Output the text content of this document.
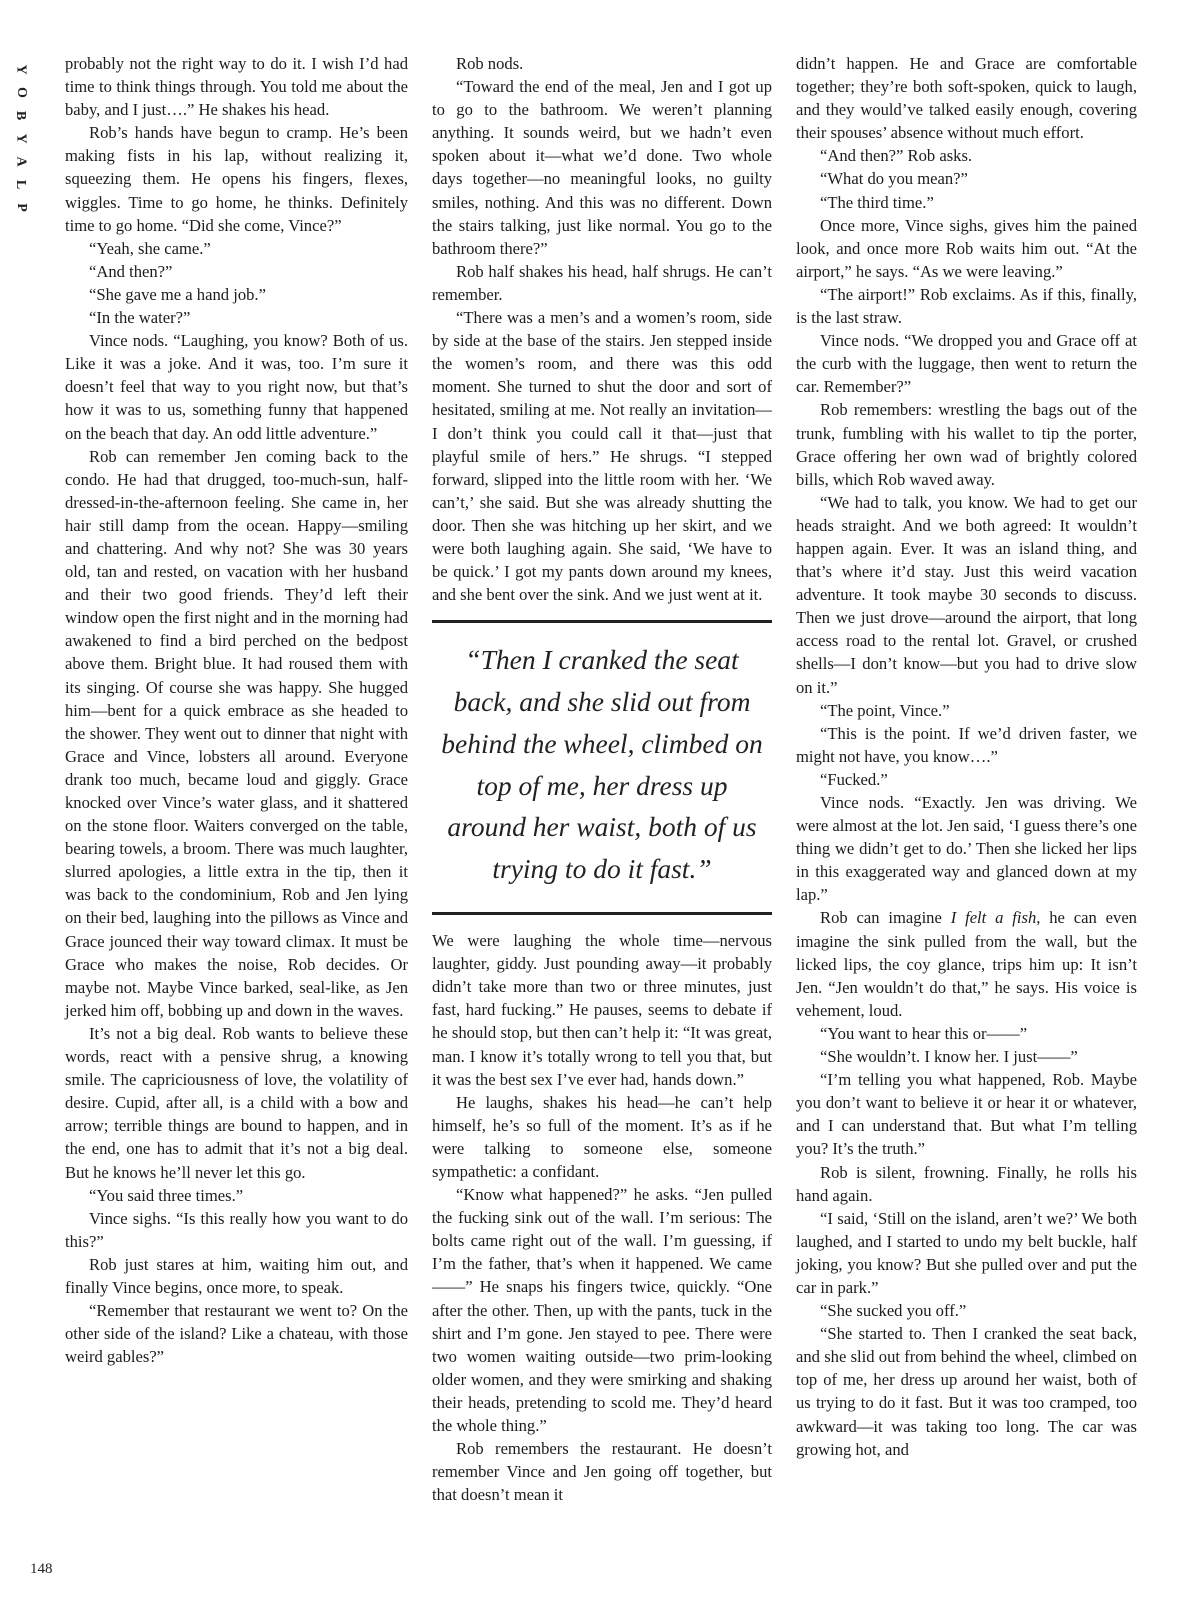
Y
O
B
Y
A
L
P

probably not the right way to do it. I wish I’d had time to think things through. You told me about the baby, and I just….” He shakes his head.

Rob’s hands have begun to cramp. He’s been making fists in his lap, without realizing it, squeezing them. He opens his fingers, flexes, wiggles. Time to go home, he thinks. Definitely time to go home. “Did she come, Vince?”

“Yeah, she came.”

“And then?”

“She gave me a hand job.”

“In the water?”

Vince nods. “Laughing, you know? Both of us. Like it was a joke. And it was, too. I’m sure it doesn’t feel that way to you right now, but that’s how it was to us, something funny that happened on the beach that day. An odd little adventure.”

Rob can remember Jen coming back to the condo. He had that drugged, too-much-sun, half-dressed-in-the-afternoon feeling. She came in, her hair still damp from the ocean. Happy—smiling and chattering. And why not? She was 30 years old, tan and rested, on vacation with her husband and their two good friends. They’d left their window open the first night and in the morning had awakened to find a bird perched on the bedpost above them. Bright blue. It had roused them with its singing. Of course she was happy. She hugged him—bent for a quick embrace as she headed to the shower. They went out to dinner that night with Grace and Vince, lobsters all around. Everyone drank too much, became loud and giggly. Grace knocked over Vince’s water glass, and it shattered on the stone floor. Waiters converged on the table, bearing towels, a broom. There was much laughter, slurred apologies, a little extra in the tip, then it was back to the condominium, Rob and Jen lying on their bed, laughing into the pillows as Vince and Grace jounced their way toward climax. It must be Grace who makes the noise, Rob decides. Or maybe not. Maybe Vince barked, seal-like, as Jen jerked him off, bobbing up and down in the waves.

It’s not a big deal. Rob wants to believe these words, react with a pensive shrug, a knowing smile. The capriciousness of love, the volatility of desire. Cupid, after all, is a child with a bow and arrow; terrible things are bound to happen, and in the end, one has to admit that it’s not a big deal. But he knows he’ll never let this go.

“You said three times.”

Vince sighs. “Is this really how you want to do this?”

Rob just stares at him, waiting him out, and finally Vince begins, once more, to speak.

“Remember that restaurant we went to? On the other side of the island? Like a chateau, with those weird gables?”

Rob nods.

“Toward the end of the meal, Jen and I got up to go to the bathroom. We weren’t planning anything. It sounds weird, but we hadn’t even spoken about it—what we’d done. Two whole days together—no meaningful looks, no guilty smiles, nothing. And this was no different. Down the stairs talking, just like normal. You go to the bathroom there?”

Rob half shakes his head, half shrugs. He can’t remember.

“There was a men’s and a women’s room, side by side at the base of the stairs. Jen stepped inside the women’s room, and there was this odd moment. She turned to shut the door and sort of hesitated, smiling at me. Not really an invitation—I don’t think you could call it that—just that playful smile of hers.” He shrugs. “I stepped forward, slipped into the little room with her. ‘We can’t,’ she said. But she was already shutting the door. Then she was hitching up her skirt, and we were both laughing again. She said, ‘We have to be quick.’ I got my pants down around my knees, and she bent over the sink. And we just went at it.

“Then I cranked the seat back, and she slid out from behind the wheel, climbed on top of me, her dress up around her waist, both of us trying to do it fast.”

We were laughing the whole time—nervous laughter, giddy. Just pounding away—it probably didn’t take more than two or three minutes, just fast, hard fucking.” He pauses, seems to debate if he should stop, but then can’t help it: “It was great, man. I know it’s totally wrong to tell you that, but it was the best sex I’ve ever had, hands down.”

He laughs, shakes his head—he can’t help himself, he’s so full of the moment. It’s as if he were talking to someone else, someone sympathetic: a confidant.

“Know what happened?” he asks. “Jen pulled the fucking sink out of the wall. I’m serious: The bolts came right out of the wall. I’m guessing, if I’m the father, that’s when it happened. We came——” He snaps his fingers twice, quickly. “One after the other. Then, up with the pants, tuck in the shirt and I’m gone. Jen stayed to pee. There were two women waiting outside—two prim-looking older women, and they were smirking and shaking their heads, pretending to scold me. They’d heard the whole thing.”

Rob remembers the restaurant. He doesn’t remember Vince and Jen going off together, but that doesn’t mean it

didn’t happen. He and Grace are comfortable together; they’re both soft-spoken, quick to laugh, and they would’ve talked easily enough, covering their spouses’ absence without much effort.

“And then?” Rob asks.

“What do you mean?”

“The third time.”

Once more, Vince sighs, gives him the pained look, and once more Rob waits him out. “At the airport,” he says. “As we were leaving.”

“The airport!” Rob exclaims. As if this, finally, is the last straw.

Vince nods. “We dropped you and Grace off at the curb with the luggage, then went to return the car. Remember?”

Rob remembers: wrestling the bags out of the trunk, fumbling with his wallet to tip the porter, Grace offering her own wad of brightly colored bills, which Rob waved away.

“We had to talk, you know. We had to get our heads straight. And we both agreed: It wouldn’t happen again. Ever. It was an island thing, and that’s where it’d stay. Just this weird vacation adventure. It took maybe 30 seconds to discuss. Then we just drove—around the airport, that long access road to the rental lot. Gravel, or crushed shells—I don’t know—but you had to drive slow on it.”

“The point, Vince.”

“This is the point. If we’d driven faster, we might not have, you know….”

“Fucked.”

Vince nods. “Exactly. Jen was driving. We were almost at the lot. Jen said, ‘I guess there’s one thing we didn’t get to do.’ Then she licked her lips in this exaggerated way and glanced down at my lap.”

Rob can imagine I felt a fish, he can even imagine the sink pulled from the wall, but the licked lips, the coy glance, trips him up: It isn’t Jen. “Jen wouldn’t do that,” he says. His voice is vehement, loud.

“You want to hear this or——”

“She wouldn’t. I know her. I just——”

“I’m telling you what happened, Rob. Maybe you don’t want to believe it or hear it or whatever, and I can understand that. But what I’m telling you? It’s the truth.”

Rob is silent, frowning. Finally, he rolls his hand again.

“I said, ‘Still on the island, aren’t we?’ We both laughed, and I started to undo my belt buckle, half joking, you know? But she pulled over and put the car in park.”

“She sucked you off.”

“She started to. Then I cranked the seat back, and she slid out from behind the wheel, climbed on top of me, her dress up around her waist, both of us trying to do it fast. But it was too cramped, too awkward—it was taking too long. The car was growing hot, and

148
